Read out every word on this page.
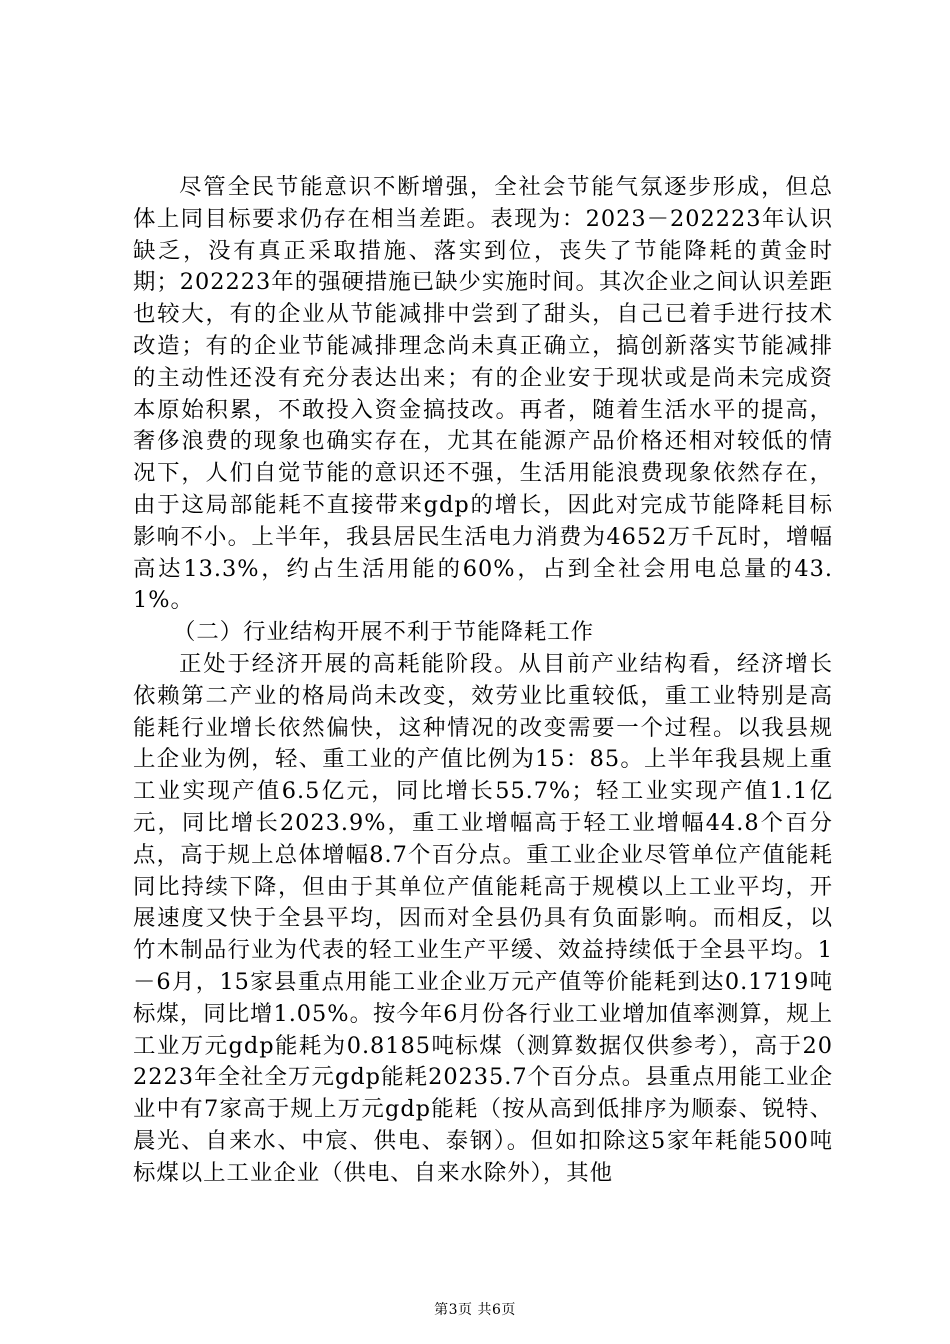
尽管全民节能意识不断增强，全社会节能气氛逐步形成，但总体上同目标要求仍存在相当差距。表现为：2023－202223年认识缺乏，没有真正采取措施、落实到位，丧失了节能降耗的黄金时期；202223年的强硬措施已缺少实施时间。其次企业之间认识差距也较大，有的企业从节能减排中尝到了甜头，自己已着手进行技术改造；有的企业节能减排理念尚未真正确立，搞创新落实节能减排的主动性还没有充分表达出来；有的企业安于现状或是尚未完成资本原始积累，不敢投入资金搞技改。再者，随着生活水平的提高，奢侈浪费的现象也确实存在，尤其在能源产品价格还相对较低的情况下，人们自觉节能的意识还不强，生活用能浪费现象依然存在，由于这局部能耗不直接带来gdp的增长，因此对完成节能降耗目标影响不小。上半年，我县居民生活电力消费为4652万千瓦时，增幅高达13.3%，约占生活用能的60%，占到全社会用电总量的43.1%。

（二）行业结构开展不利于节能降耗工作

正处于经济开展的高耗能阶段。从目前产业结构看，经济增长依赖第二产业的格局尚未改变，效劳业比重较低，重工业特别是高能耗行业增长依然偏快，这种情况的改变需要一个过程。以我县规上企业为例，轻、重工业的产值比例为15：85。上半年我县规上重工业实现产值6.5亿元，同比增长55.7%；轻工业实现产值1.1亿元，同比增长2023.9%，重工业增幅高于轻工业增幅44.8个百分点，高于规上总体增幅8.7个百分点。重工业企业尽管单位产值能耗同比持续下降，但由于其单位产值能耗高于规模以上工业平均，开展速度又快于全县平均，因而对全县仍具有负面影响。而相反，以竹木制品行业为代表的轻工业生产平缓、效益持续低于全县平均。1－6月，15家县重点用能工业企业万元产值等价能耗到达0.1719吨标煤，同比增1.05%。按今年6月份各行业工业增加值率测算，规上工业万元gdp能耗为0.8185吨标煤（测算数据仅供参考），高于202223年全社全万元gdp能耗20235.7个百分点。县重点用能工业企业中有7家高于规上万元gdp能耗（按从高到低排序为顺泰、锐特、晨光、自来水、中宸、供电、泰钢）。但如扣除这5家年耗能500吨标煤以上工业企业（供电、自来水除外），其他

第3页 共6页
